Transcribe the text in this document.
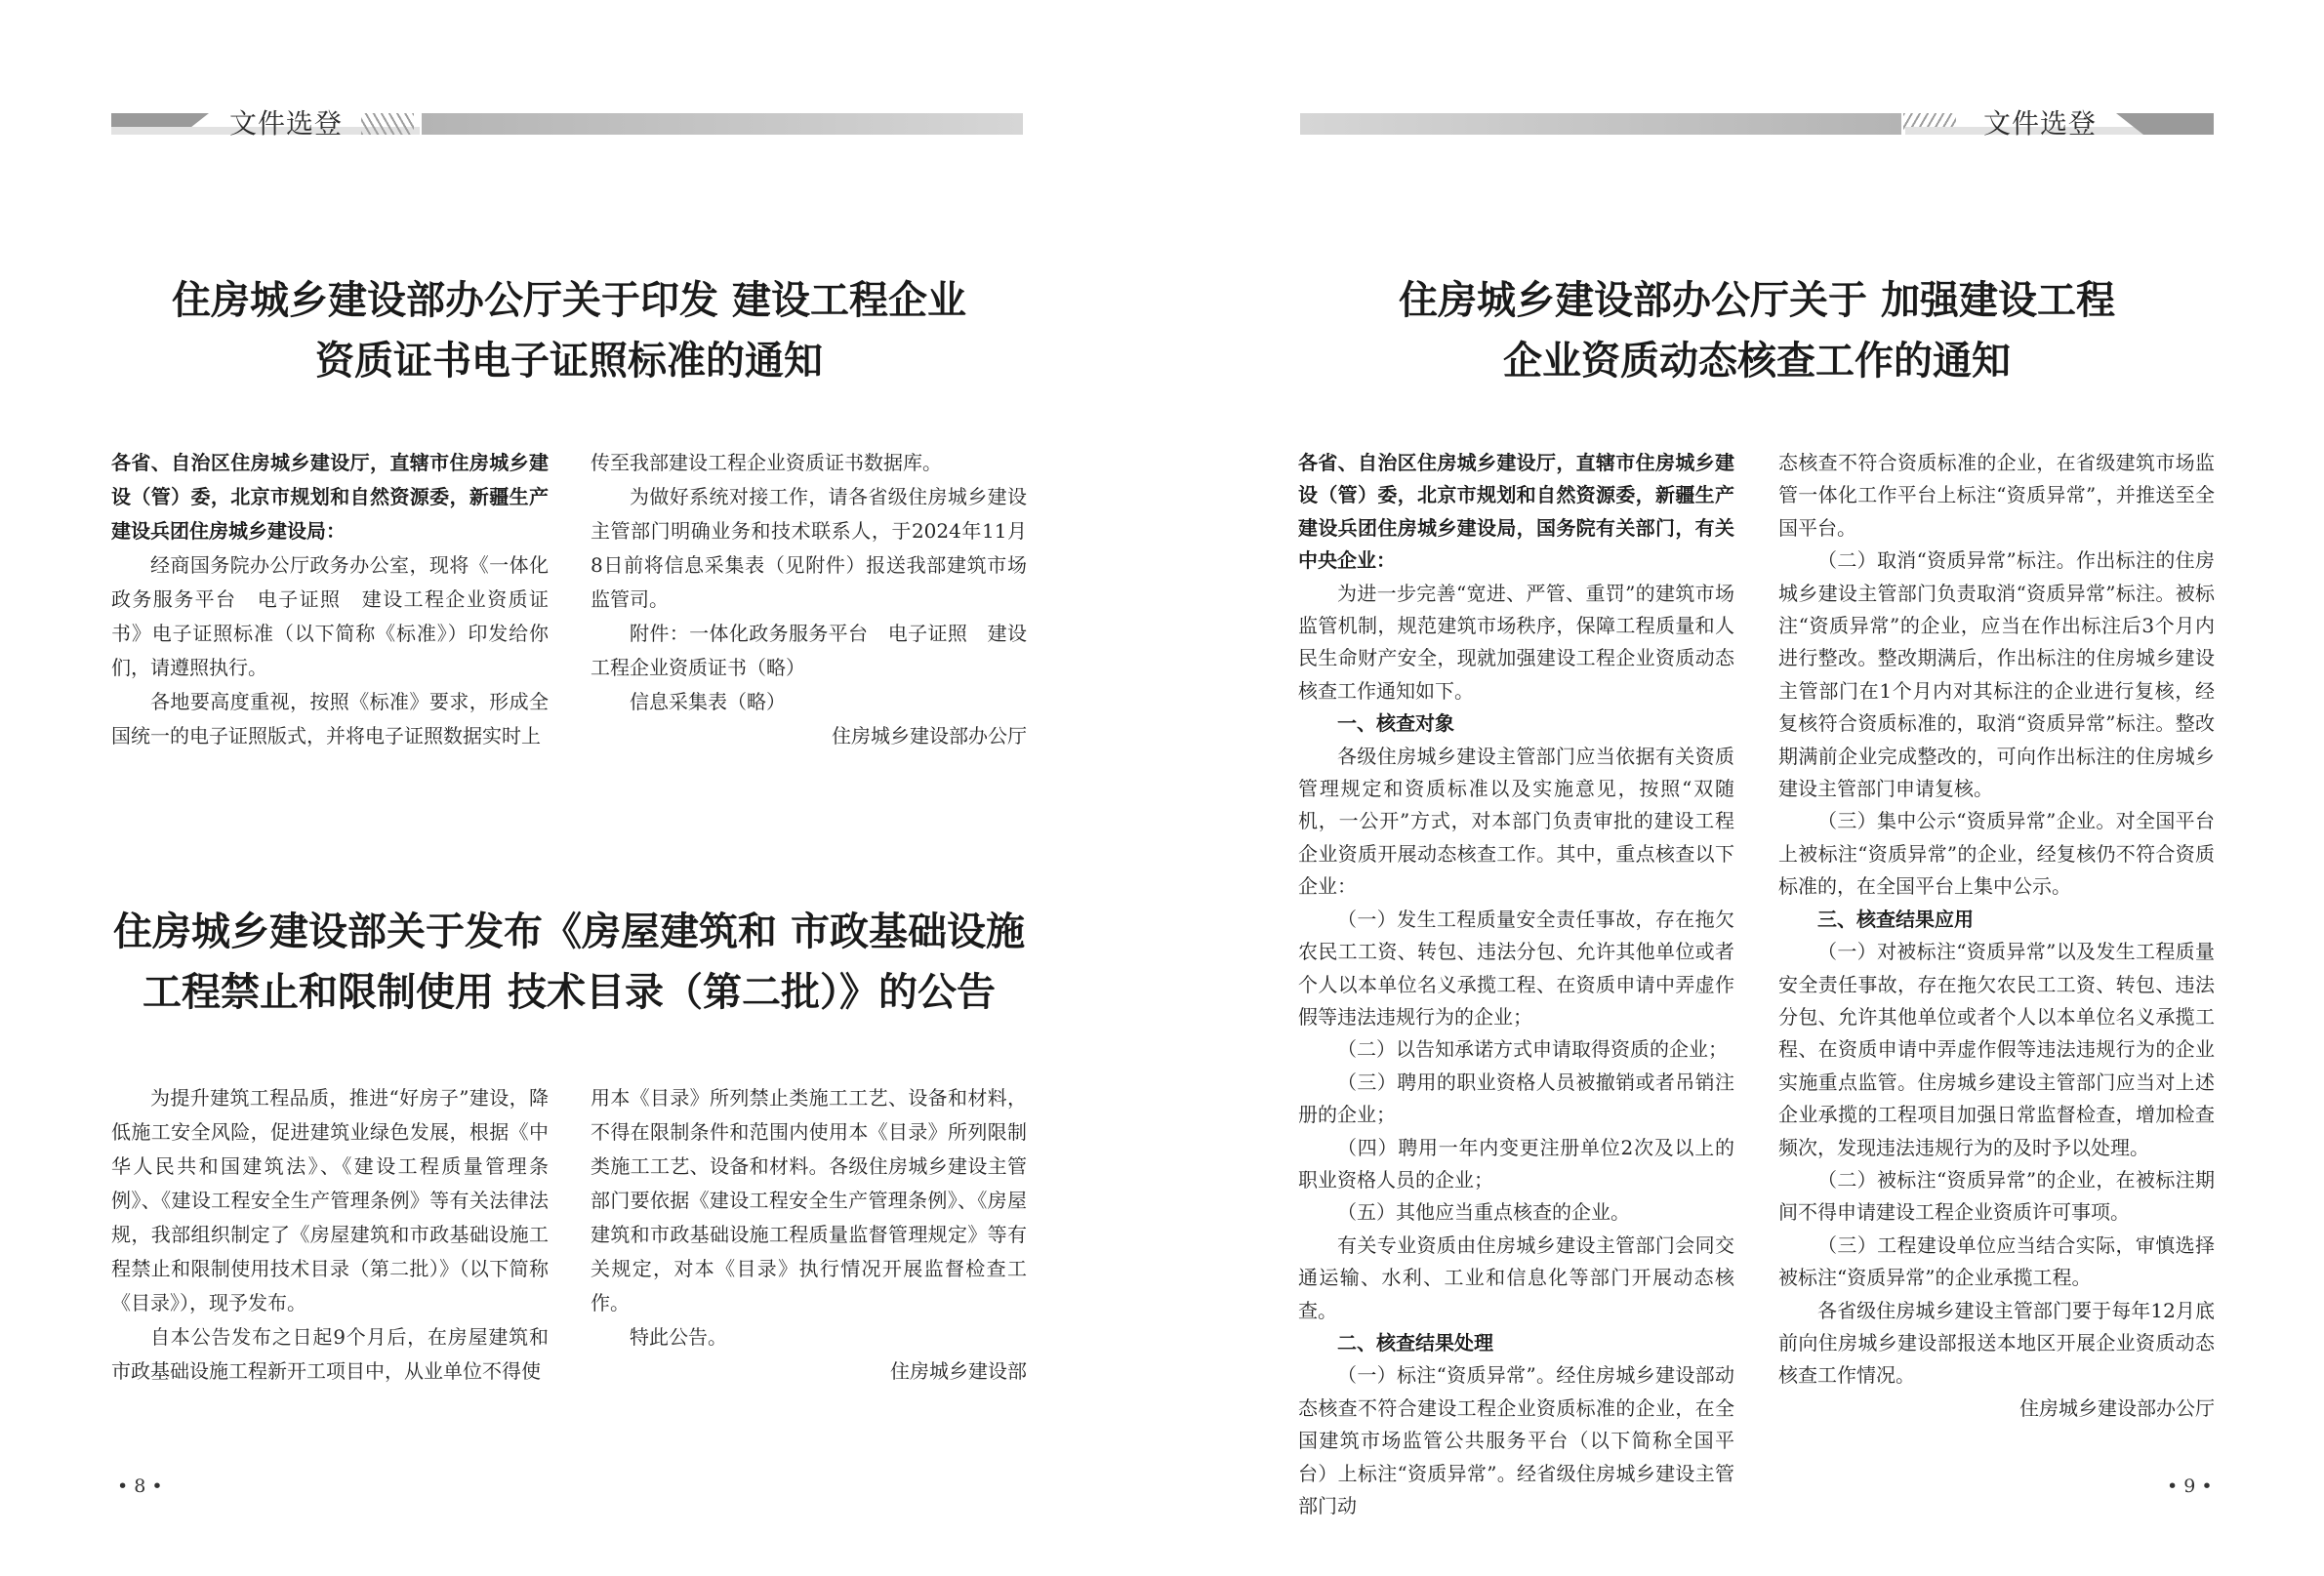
文件选登
住房城乡建设部办公厅关于印发 建设工程企业
资质证书电子证照标准的通知

各省、自治区住房城乡建设厅，直辖市住房城乡建设（管）委，北京市规划和自然资源委，新疆生产建设兵团住房城乡建设局：

经商国务院办公厅政务办公室，现将《一体化政务服务平台　电子证照　建设工程企业资质证书》电子证照标准（以下简称《标准》）印发给你们，请遵照执行。

各地要高度重视，按照《标准》要求，形成全国统一的电子证照版式，并将电子证照数据实时上

传至我部建设工程企业资质证书数据库。

为做好系统对接工作，请各省级住房城乡建设主管部门明确业务和技术联系人，于2024年11月8日前将信息采集表（见附件）报送我部建筑市场监管司。

附件：一体化政务服务平台　电子证照　建设工程企业资质证书（略）

信息采集表（略）

住房城乡建设部办公厅

住房城乡建设部关于发布《房屋建筑和 市政基础设施
工程禁止和限制使用 技术目录（第二批）》的公告

为提升建筑工程品质，推进“好房子”建设，降低施工安全风险，促进建筑业绿色发展，根据《中华人民共和国建筑法》、《建设工程质量管理条例》、《建设工程安全生产管理条例》等有关法律法规，我部组织制定了《房屋建筑和市政基础设施工程禁止和限制使用技术目录（第二批）》（以下简称《目录》），现予发布。

自本公告发布之日起9个月后，在房屋建筑和市政基础设施工程新开工项目中，从业单位不得使

用本《目录》所列禁止类施工工艺、设备和材料，不得在限制条件和范围内使用本《目录》所列限制类施工工艺、设备和材料。各级住房城乡建设主管部门要依据《建设工程安全生产管理条例》、《房屋建筑和市政基础设施工程质量监督管理规定》等有关规定，对本《目录》执行情况开展监督检查工作。

特此公告。

住房城乡建设部

• 8 •
文件选登
住房城乡建设部办公厅关于 加强建设工程
企业资质动态核查工作的通知

各省、自治区住房城乡建设厅，直辖市住房城乡建设（管）委，北京市规划和自然资源委，新疆生产建设兵团住房城乡建设局，国务院有关部门，有关中央企业：

为进一步完善“宽进、严管、重罚”的建筑市场监管机制，规范建筑市场秩序，保障工程质量和人民生命财产安全，现就加强建设工程企业资质动态核查工作通知如下。

一、核查对象

各级住房城乡建设主管部门应当依据有关资质管理规定和资质标准以及实施意见，按照“双随机，一公开”方式，对本部门负责审批的建设工程企业资质开展动态核查工作。其中，重点核查以下企业：

（一）发生工程质量安全责任事故，存在拖欠农民工工资、转包、违法分包、允许其他单位或者个人以本单位名义承揽工程、在资质申请中弄虚作假等违法违规行为的企业；

（二）以告知承诺方式申请取得资质的企业；

（三）聘用的职业资格人员被撤销或者吊销注册的企业；

（四）聘用一年内变更注册单位2次及以上的职业资格人员的企业；

（五）其他应当重点核查的企业。

有关专业资质由住房城乡建设主管部门会同交通运输、水利、工业和信息化等部门开展动态核查。

二、核查结果处理

（一）标注“资质异常”。经住房城乡建设部动态核查不符合建设工程企业资质标准的企业，在全国建筑市场监管公共服务平台（以下简称全国平台）上标注“资质异常”。经省级住房城乡建设主管部门动

态核查不符合资质标准的企业，在省级建筑市场监管一体化工作平台上标注“资质异常”，并推送至全国平台。

（二）取消“资质异常”标注。作出标注的住房城乡建设主管部门负责取消“资质异常”标注。被标注“资质异常”的企业，应当在作出标注后3个月内进行整改。整改期满后，作出标注的住房城乡建设主管部门在1个月内对其标注的企业进行复核，经复核符合资质标准的，取消“资质异常”标注。整改期满前企业完成整改的，可向作出标注的住房城乡建设主管部门申请复核。

（三）集中公示“资质异常”企业。对全国平台上被标注“资质异常”的企业，经复核仍不符合资质标准的，在全国平台上集中公示。

三、核查结果应用

（一）对被标注“资质异常”以及发生工程质量安全责任事故，存在拖欠农民工工资、转包、违法分包、允许其他单位或者个人以本单位名义承揽工程、在资质申请中弄虚作假等违法违规行为的企业实施重点监管。住房城乡建设主管部门应当对上述企业承揽的工程项目加强日常监督检查，增加检查频次，发现违法违规行为的及时予以处理。

（二）被标注“资质异常”的企业，在被标注期间不得申请建设工程企业资质许可事项。

（三）工程建设单位应当结合实际，审慎选择被标注“资质异常”的企业承揽工程。

各省级住房城乡建设主管部门要于每年12月底前向住房城乡建设部报送本地区开展企业资质动态核查工作情况。

住房城乡建设部办公厅

• 9 •
